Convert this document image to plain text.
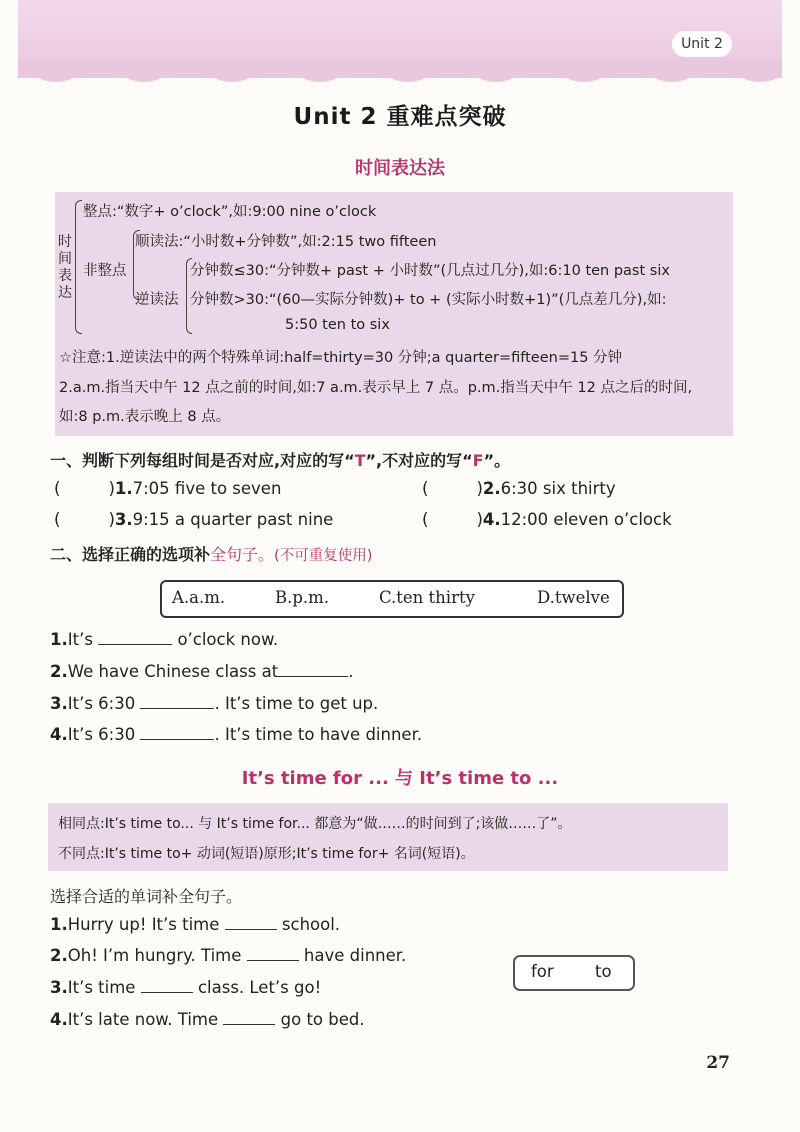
Unit 2
Unit 2 重难点突破
时间表达法
时
间
表
达
整点:“数字+ o’clock”,如:9:00 nine o’clock
非整点
顺读法:“小时数+分钟数”,如:2:15 two fifteen
逆读法
分钟数≤30:“分钟数+ past + 小时数”(几点过几分),如:6:10 ten past six
分钟数>30:“(60—实际分钟数)+ to + (实际小时数+1)”(几点差几分),如:
5:50 ten to six
☆注意:1.逆读法中的两个特殊单词:half=thirty=30 分钟;a quarter=fifteen=15 分钟
2.a.m.指当天中午 12 点之前的时间,如:7 a.m.表示早上 7 点。p.m.指当天中午 12 点之后的时间,
如:8 p.m.表示晚上 8 点。
一、判断下列每组时间是否对应,对应的写“T”,不对应的写“F”。
(	)1.7:05 five to seven	(	)2.6:30 six thirty
(	)3.9:15 a quarter past nine	(	)4.12:00 eleven o’clock
二、选择正确的选项补全句子。(不可重复使用)
A.a.m.	B.p.m.	C.ten thirty	D.twelve
1.It’s	o’clock now.
2.We have Chinese class at	.
3.It’s 6:30	. It’s time to get up.
4.It’s 6:30	. It’s time to have dinner.
It’s time for ... 与 It’s time to ...
相同点:It’s time to... 与 It’s time for... 都意为“做……的时间到了;该做……了”。
不同点:It’s time to+ 动词(短语)原形;It’s time for+ 名词(短语)。
选择合适的单词补全句子。
1.Hurry up! It’s time	school.
2.Oh! I’m hungry. Time	have dinner.
3.It’s time	class. Let’s go!
4.It’s late now. Time	go to bed.
for	to
27
